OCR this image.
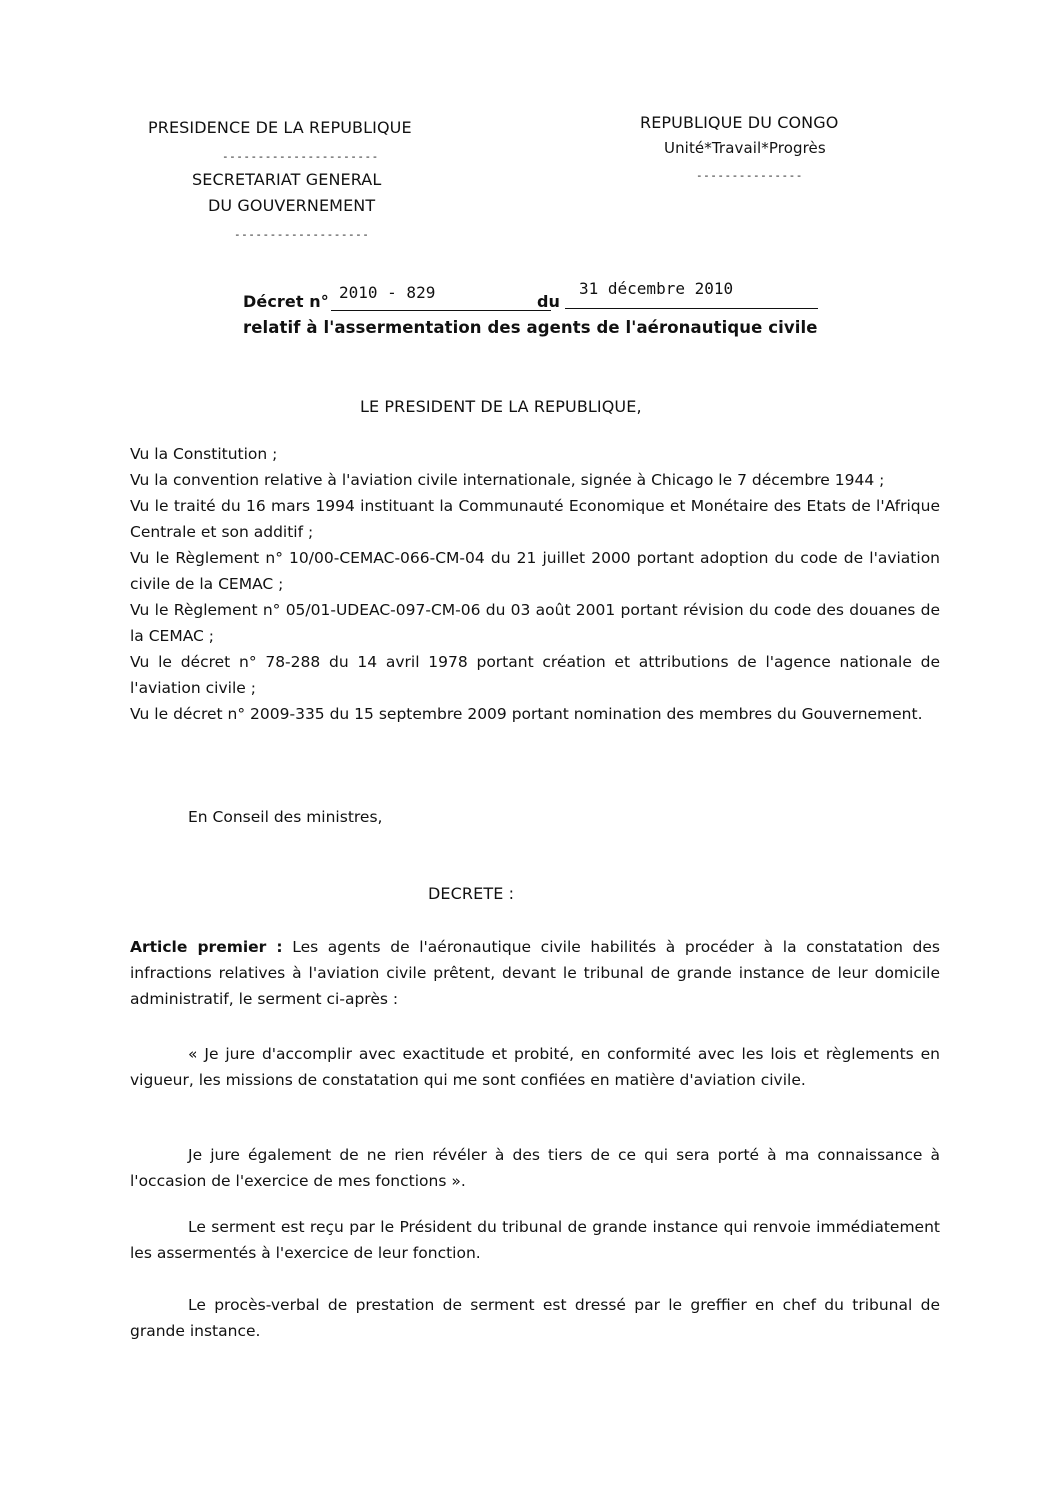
PRESIDENCE DE LA REPUBLIQUE
----------------------
SECRETARIAT GENERAL
DU GOUVERNEMENT
-------------------
REPUBLIQUE DU CONGO
Unité*Travail*Progrès
---------------
Décret n° 2010 - 829	du
31 décembre 2010
relatif à l'assermentation des agents de l'aéronautique civile
LE PRESIDENT DE LA REPUBLIQUE,

Vu la Constitution ;

Vu la convention relative à l'aviation civile internationale, signée à Chicago le 7 décembre 1944 ;

Vu le traité du 16 mars 1994 instituant la Communauté Economique et Monétaire des Etats de l'Afrique Centrale et son additif ;

Vu le Règlement n° 10/00-CEMAC-066-CM-04 du 21 juillet 2000 portant adoption du code de l'aviation civile de la CEMAC ;

Vu le Règlement n° 05/01-UDEAC-097-CM-06 du 03 août 2001 portant révision du code des douanes de la CEMAC ;

Vu le décret n° 78-288 du 14 avril 1978 portant création et attributions de l'agence nationale de l'aviation civile ;

Vu le décret n° 2009-335 du 15 septembre 2009 portant nomination des membres du Gouvernement.

En Conseil des ministres,
DECRETE :
Article premier : Les agents de l'aéronautique civile habilités à procéder à la constatation des infractions relatives à l'aviation civile prêtent, devant le tribunal de grande instance de leur domicile administratif, le serment ci-après :
« Je jure d'accomplir avec exactitude et probité, en conformité avec les lois et règlements en vigueur, les missions de constatation qui me sont confiées en matière d'aviation civile.
Je jure également de ne rien révéler à des tiers de ce qui sera porté à ma connaissance à l'occasion de l'exercice de mes fonctions ».
Le serment est reçu par le Président du tribunal de grande instance qui renvoie immédiatement les assermentés à l'exercice de leur fonction.
Le procès-verbal de prestation de serment est dressé par le greffier en chef du tribunal de grande instance.
